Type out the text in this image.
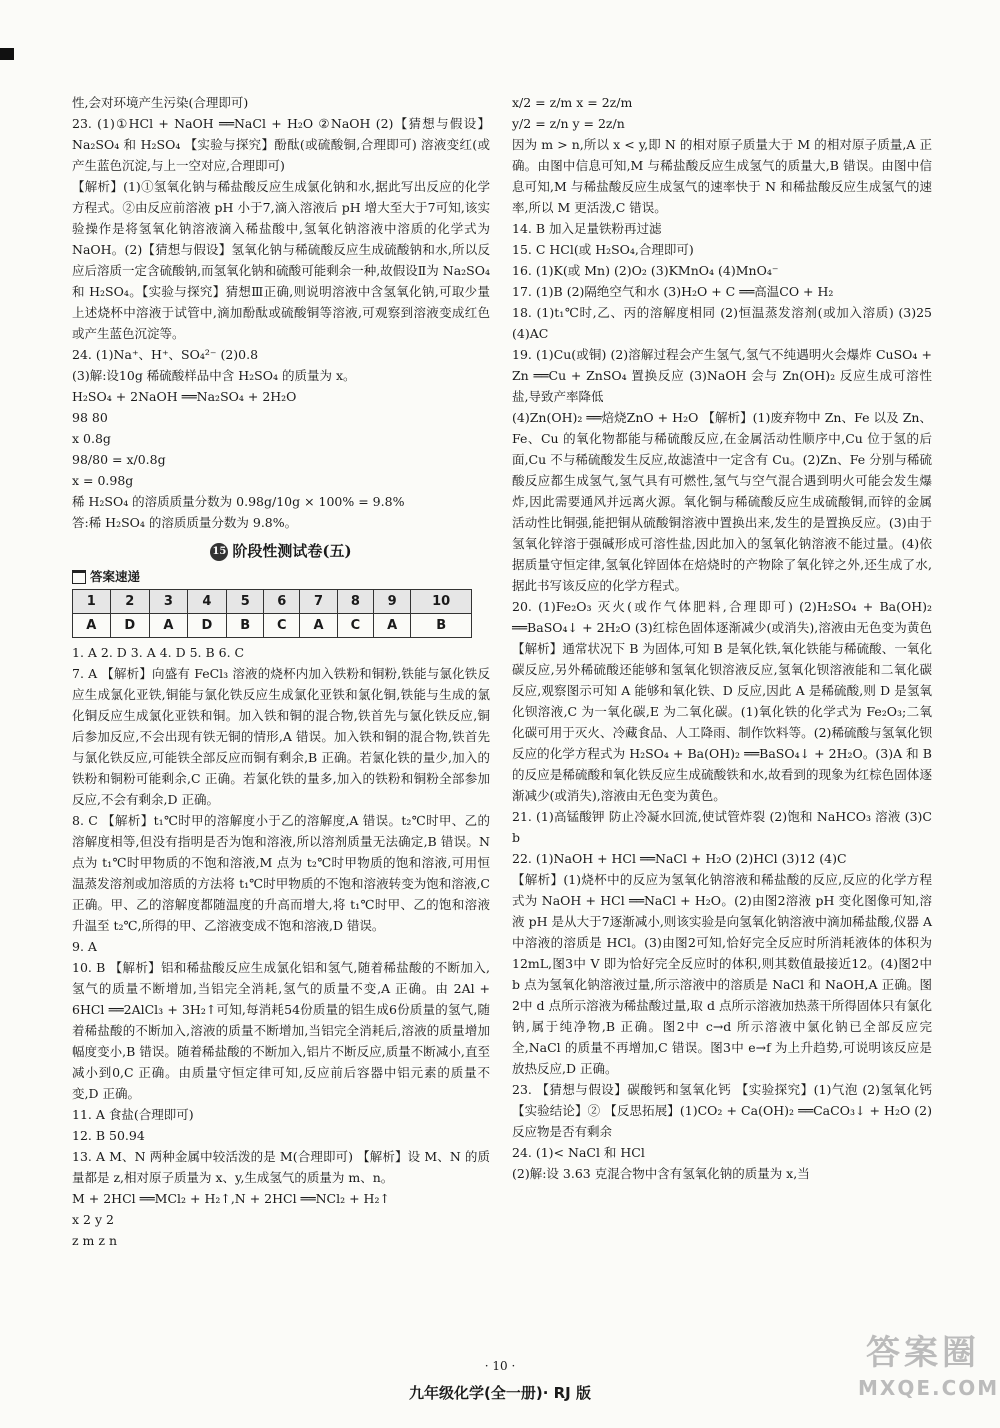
性,会对环境产生污染(合理即可)

23. (1)①HCl + NaOH ══NaCl + H₂O ②NaOH (2)【猜想与假设】Na₂SO₄ 和 H₂SO₄ 【实验与探究】酚酞(或硫酸铜,合理即可) 溶液变红(或产生蓝色沉淀,与上一空对应,合理即可)

【解析】(1)①氢氧化钠与稀盐酸反应生成氯化钠和水,据此写出反应的化学方程式。②由反应前溶液 pH 小于7,滴入溶液后 pH 增大至大于7可知,该实验操作是将氢氧化钠溶液滴入稀盐酸中,氢氧化钠溶液中溶质的化学式为 NaOH。(2)【猜想与假设】氢氧化钠与稀硫酸反应生成硫酸钠和水,所以反应后溶质一定含硫酸钠,而氢氧化钠和硫酸可能剩余一种,故假设Ⅱ为 Na₂SO₄ 和 H₂SO₄。【实验与探究】猜想Ⅲ正确,则说明溶液中含氢氧化钠,可取少量上述烧杯中溶液于试管中,滴加酚酞或硫酸铜等溶液,可观察到溶液变成红色或产生蓝色沉淀等。

24. (1)Na⁺、H⁺、SO₄²⁻ (2)0.8

(3)解:设10g 稀硫酸样品中含 H₂SO₄ 的质量为 x。

H₂SO₄ + 2NaOH ══Na₂SO₄ + 2H₂O

98 80

x 0.8g

98/80 = x/0.8g

x = 0.98g

稀 H₂SO₄ 的溶质质量分数为 0.98g/10g × 100% = 9.8%

答:稀 H₂SO₄ 的溶质质量分数为 9.8%。

15 阶段性测试卷(五)
答案速递
1	2	3	4	5	6	7	8	9	10
A	D	A	D	B	C	A	C	A	B

1. A 2. D 3. A 4. D 5. B 6. C

7. A 【解析】向盛有 FeCl₃ 溶液的烧杯内加入铁粉和铜粉,铁能与氯化铁反应生成氯化亚铁,铜能与氯化铁反应生成氯化亚铁和氯化铜,铁能与生成的氯化铜反应生成氯化亚铁和铜。加入铁和铜的混合物,铁首先与氯化铁反应,铜后参加反应,不会出现有铁无铜的情形,A 错误。加入铁和铜的混合物,铁首先与氯化铁反应,可能铁全部反应而铜有剩余,B 正确。若氯化铁的量少,加入的铁粉和铜粉可能剩余,C 正确。若氯化铁的量多,加入的铁粉和铜粉全部参加反应,不会有剩余,D 正确。

8. C 【解析】t₁℃时甲的溶解度小于乙的溶解度,A 错误。t₂℃时甲、乙的溶解度相等,但没有指明是否为饱和溶液,所以溶剂质量无法确定,B 错误。N 点为 t₁℃时甲物质的不饱和溶液,M 点为 t₂℃时甲物质的饱和溶液,可用恒温蒸发溶剂或加溶质的方法将 t₁℃时甲物质的不饱和溶液转变为饱和溶液,C 正确。甲、乙的溶解度都随温度的升高而增大,将 t₁℃时甲、乙的饱和溶液升温至 t₂℃,所得的甲、乙溶液变成不饱和溶液,D 错误。

9. A

10. B 【解析】铝和稀盐酸反应生成氯化铝和氢气,随着稀盐酸的不断加入,氢气的质量不断增加,当铝完全消耗,氢气的质量不变,A 正确。由 2Al + 6HCl ══2AlCl₃ + 3H₂↑可知,每消耗54份质量的铝生成6份质量的氢气,随着稀盐酸的不断加入,溶液的质量不断增加,当铝完全消耗后,溶液的质量增加幅度变小,B 错误。随着稀盐酸的不断加入,铝片不断反应,质量不断减小,直至减小到0,C 正确。由质量守恒定律可知,反应前后容器中铝元素的质量不变,D 正确。

11. A 食盐(合理即可)

12. B 50.94

13. A M、N 两种金属中较活泼的是 M(合理即可) 【解析】设 M、N 的质量都是 z,相对原子质量为 x、y,生成氢气的质量为 m、n。

M + 2HCl ══MCl₂ + H₂↑,N + 2HCl ══NCl₂ + H₂↑

x 2 y 2

z m z n

x/2 = z/m x = 2z/m

y/2 = z/n y = 2z/n

因为 m > n,所以 x < y,即 N 的相对原子质量大于 M 的相对原子质量,A 正确。由图中信息可知,M 与稀盐酸反应生成氢气的质量大,B 错误。由图中信息可知,M 与稀盐酸反应生成氢气的速率快于 N 和稀盐酸反应生成氢气的速率,所以 M 更活泼,C 错误。

14. B 加入足量铁粉再过滤

15. C HCl(或 H₂SO₄,合理即可)

16. (1)K(或 Mn) (2)O₂ (3)KMnO₄ (4)MnO₄⁻

17. (1)B (2)隔绝空气和水 (3)H₂O + C ══高温CO + H₂

18. (1)t₁℃时,乙、丙的溶解度相同 (2)恒温蒸发溶剂(或加入溶质) (3)25 (4)AC

19. (1)Cu(或铜) (2)溶解过程会产生氢气,氢气不纯遇明火会爆炸 CuSO₄ + Zn ══Cu + ZnSO₄ 置换反应 (3)NaOH 会与 Zn(OH)₂ 反应生成可溶性盐,导致产率降低

(4)Zn(OH)₂ ══焙烧ZnO + H₂O 【解析】(1)废弃物中 Zn、Fe 以及 Zn、Fe、Cu 的氧化物都能与稀硫酸反应,在金属活动性顺序中,Cu 位于氢的后面,Cu 不与稀硫酸发生反应,故滤渣中一定含有 Cu。(2)Zn、Fe 分别与稀硫酸反应都生成氢气,氢气具有可燃性,氢气与空气混合遇到明火可能会发生爆炸,因此需要通风并远离火源。氧化铜与稀硫酸反应生成硫酸铜,而锌的金属活动性比铜强,能把铜从硫酸铜溶液中置换出来,发生的是置换反应。(3)由于氢氧化锌溶于强碱形成可溶性盐,因此加入的氢氧化钠溶液不能过量。(4)依据质量守恒定律,氢氧化锌固体在焙烧时的产物除了氧化锌之外,还生成了水,据此书写该反应的化学方程式。

20. (1)Fe₂O₃ 灭火(或作气体肥料,合理即可) (2)H₂SO₄ + Ba(OH)₂ ══BaSO₄↓ + 2H₂O (3)红棕色固体逐渐减少(或消失),溶液由无色变为黄色 【解析】通常状况下 B 为固体,可知 B 是氧化铁,氧化铁能与稀硫酸、一氧化碳反应,另外稀硫酸还能够和氢氧化钡溶液反应,氢氧化钡溶液能和二氧化碳反应,观察图示可知 A 能够和氧化铁、D 反应,因此 A 是稀硫酸,则 D 是氢氧化钡溶液,C 为一氧化碳,E 为二氧化碳。(1)氧化铁的化学式为 Fe₂O₃;二氧化碳可用于灭火、冷藏食品、人工降雨、制作饮料等。(2)稀硫酸与氢氧化钡反应的化学方程式为 H₂SO₄ + Ba(OH)₂ ══BaSO₄↓ + 2H₂O。(3)A 和 B 的反应是稀硫酸和氧化铁反应生成硫酸铁和水,故看到的现象为红棕色固体逐渐减少(或消失),溶液由无色变为黄色。

21. (1)高锰酸钾 防止冷凝水回流,使试管炸裂 (2)饱和 NaHCO₃ 溶液 (3)C b

22. (1)NaOH + HCl ══NaCl + H₂O (2)HCl (3)12 (4)C

【解析】(1)烧杯中的反应为氢氧化钠溶液和稀盐酸的反应,反应的化学方程式为 NaOH + HCl ══NaCl + H₂O。(2)由图2溶液 pH 变化图像可知,溶液 pH 是从大于7逐渐减小,则该实验是向氢氧化钠溶液中滴加稀盐酸,仪器 A 中溶液的溶质是 HCl。(3)由图2可知,恰好完全反应时所消耗液体的体积为 12mL,图3中 V 即为恰好完全反应时的体积,则其数值最接近12。(4)图2中 b 点为氢氧化钠溶液过量,所示溶液中的溶质是 NaCl 和 NaOH,A 正确。图2中 d 点所示溶液为稀盐酸过量,取 d 点所示溶液加热蒸干所得固体只有氯化钠,属于纯净物,B 正确。图2中 c→d 所示溶液中氯化钠已全部反应完全,NaCl 的质量不再增加,C 错误。图3中 e→f 为上升趋势,可说明该反应是放热反应,D 正确。

23. 【猜想与假设】碳酸钙和氢氧化钙 【实验探究】(1)气泡 (2)氢氧化钙 【实验结论】② 【反思拓展】(1)CO₂ + Ca(OH)₂ ══CaCO₃↓ + H₂O (2)反应物是否有剩余

24. (1)< NaCl 和 HCl

(2)解:设 3.63 克混合物中含有氢氧化钠的质量为 x,当

· 10 ·
九年级化学(全一册)· RJ 版
答案圈
MXQE.COM
